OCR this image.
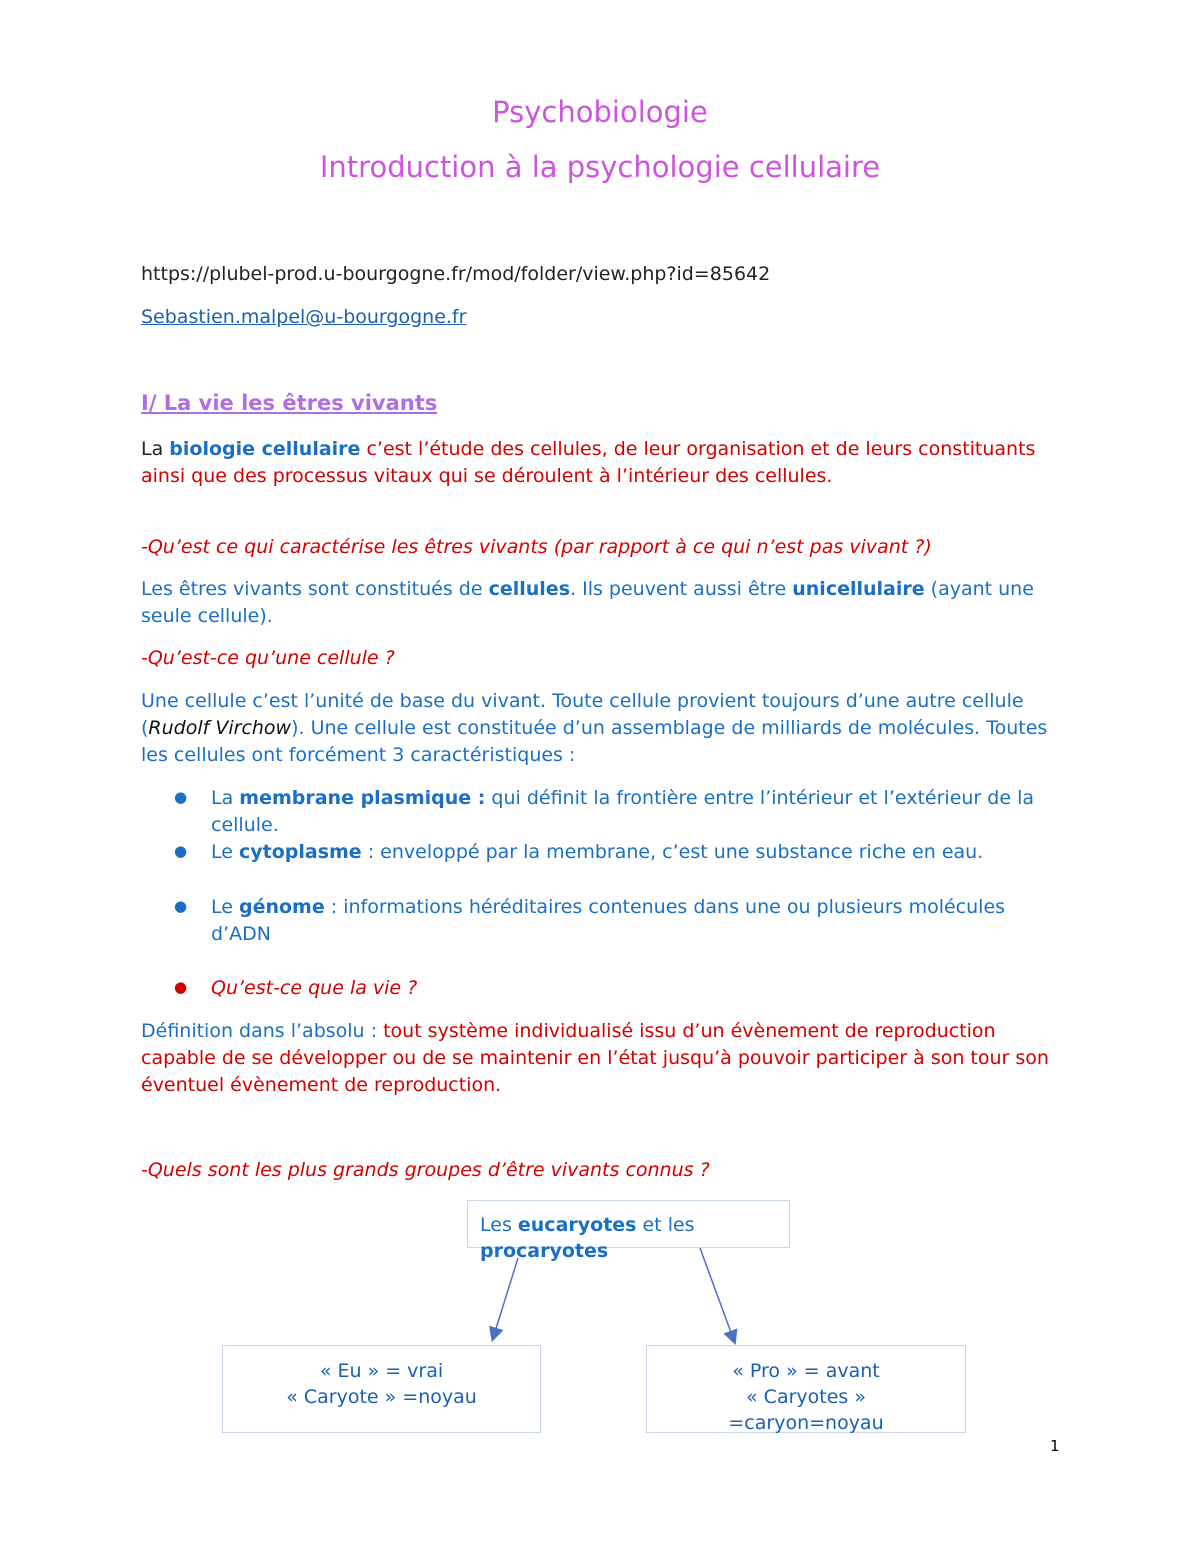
Psychobiologie
Introduction à la psychologie cellulaire
https://plubel-prod.u-bourgogne.fr/mod/folder/view.php?id=85642
Sebastien.malpel@u-bourgogne.fr
I/ La vie les êtres vivants
La biologie cellulaire c’est l’étude des cellules, de leur organisation et de leurs constituants ainsi que des processus vitaux qui se déroulent à l’intérieur des cellules.
-Qu’est ce qui caractérise les êtres vivants (par rapport à ce qui n’est pas vivant ?)
Les êtres vivants sont constitués de cellules. Ils peuvent aussi être unicellulaire (ayant une seule cellule).
-Qu’est-ce qu’une cellule ?
Une cellule c’est l’unité de base du vivant. Toute cellule provient toujours d’une autre cellule (Rudolf Virchow). Une cellule est constituée d’un assemblage de milliards de molécules. Toutes les cellules ont forcément 3 caractéristiques :
● La membrane plasmique : qui définit la frontière entre l’intérieur et l’extérieur de la cellule.
● Le cytoplasme : enveloppé par la membrane, c’est une substance riche en eau.
● Le génome : informations héréditaires contenues dans une ou plusieurs molécules d’ADN
● Qu’est-ce que la vie ?
Définition dans l’absolu : tout système individualisé issu d’un évènement de reproduction capable de se développer ou de se maintenir en l’état jusqu’à pouvoir participer à son tour son éventuel évènement de reproduction.
-Quels sont les plus grands groupes d’être vivants connus ?
Les eucaryotes et les
procaryotes
« Eu » = vrai
« Caryote » =noyau
« Pro » = avant
« Caryotes »
=caryon=noyau
1
